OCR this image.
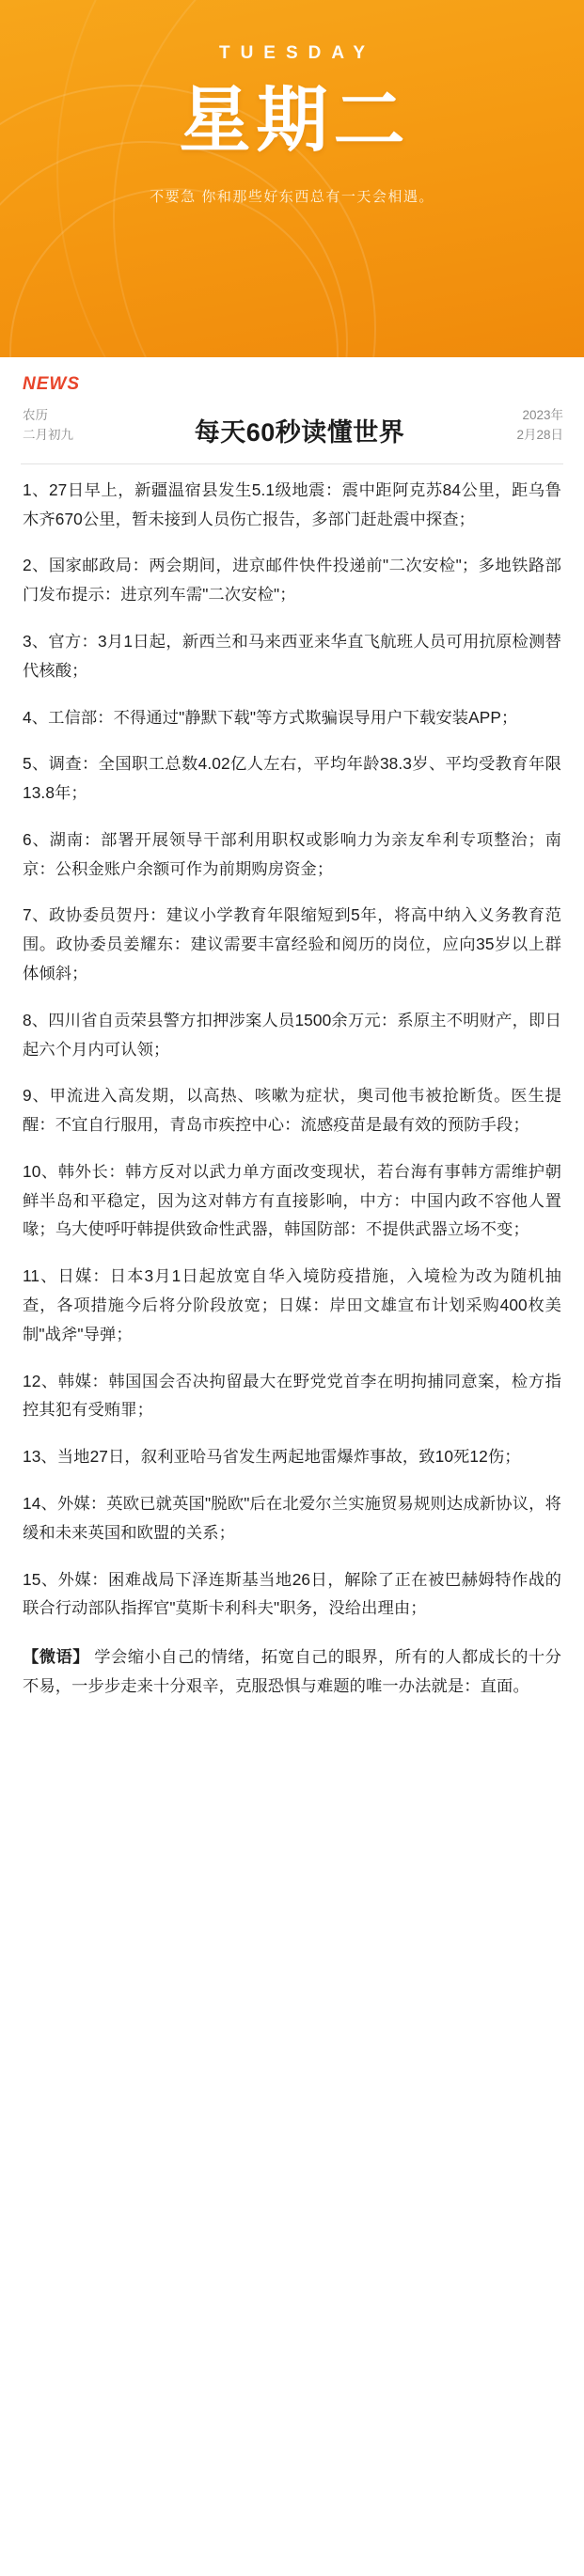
TUESDAY
星期二
不要急 你和那些好东西总有一天会相遇。
NEWS
农历
二月初九	每天60秒读懂世界
2023年
2月28日

1、27日早上，新疆温宿县发生5.1级地震：震中距阿克苏84公里，距乌鲁木齐670公里，暂未接到人员伤亡报告，多部门赶赴震中探查；

2、国家邮政局：两会期间，进京邮件快件投递前"二次安检"；多地铁路部门发布提示：进京列车需"二次安检"；

3、官方：3月1日起，新西兰和马来西亚来华直飞航班人员可用抗原检测替代核酸；

4、工信部：不得通过"静默下载"等方式欺骗误导用户下载安装APP；

5、调查：全国职工总数4.02亿人左右，平均年龄38.3岁、平均受教育年限13.8年；

6、湖南：部署开展领导干部利用职权或影响力为亲友牟利专项整治；南京：公积金账户余额可作为前期购房资金；

7、政协委员贺丹：建议小学教育年限缩短到5年，将高中纳入义务教育范围。政协委员姜耀东：建议需要丰富经验和阅历的岗位，应向35岁以上群体倾斜；

8、四川省自贡荣县警方扣押涉案人员1500余万元：系原主不明财产，即日起六个月内可认领；

9、甲流进入高发期，以高热、咳嗽为症状，奥司他韦被抢断货。医生提醒：不宜自行服用，青岛市疾控中心：流感疫苗是最有效的预防手段；

10、韩外长：韩方反对以武力单方面改变现状，若台海有事韩方需维护朝鲜半岛和平稳定，因为这对韩方有直接影响，中方：中国内政不容他人置喙；乌大使呼吁韩提供致命性武器，韩国防部：不提供武器立场不变；

11、日媒：日本3月1日起放宽自华入境防疫措施，入境检为改为随机抽查，各项措施今后将分阶段放宽；日媒：岸田文雄宣布计划采购400枚美制"战斧"导弹；

12、韩媒：韩国国会否决拘留最大在野党党首李在明拘捕同意案，检方指控其犯有受贿罪；

13、当地27日，叙利亚哈马省发生两起地雷爆炸事故，致10死12伤；

14、外媒：英欧已就英国"脱欧"后在北爱尔兰实施贸易规则达成新协议，将缓和未来英国和欧盟的关系；

15、外媒：困难战局下泽连斯基当地26日，解除了正在被巴赫姆特作战的联合行动部队指挥官"莫斯卡利科夫"职务，没给出理由；

【微语】 学会缩小自己的情绪，拓宽自己的眼界，所有的人都成长的十分不易，一步步走来十分艰辛，克服恐惧与难题的唯一办法就是：直面。
